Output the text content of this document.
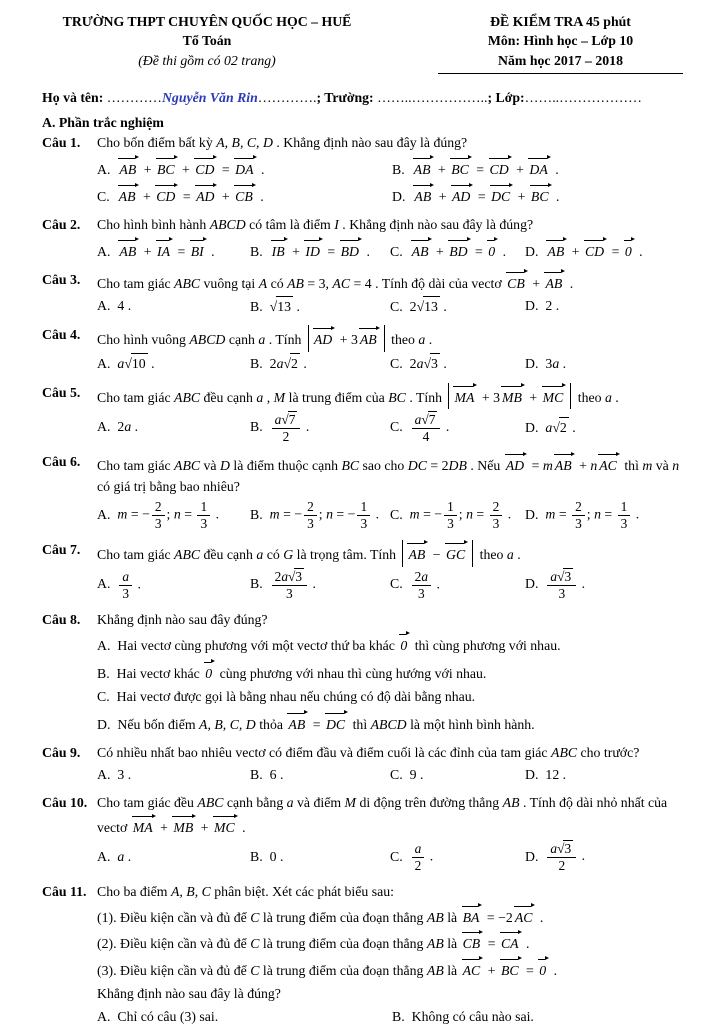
TRƯỜNG THPT CHUYÊN QUỐC HỌC – HUẾ
Tổ Toán
(Đề thi gồm có 02 trang)
ĐỀ KIỂM TRA 45 phút
Môn: Hình học – Lớp 10
Năm học 2017 – 2018
Họ và tên: …………Nguyễn Văn Rin………….; Trường: ……..……………..; Lớp:……..………………
A. Phần trắc nghiệm
Câu 1.	Cho bốn điểm bất kỳ A, B, C, D . Khẳng định nào sau đây là đúng?
A. AB + BC + CD = DA .	B. AB + BC = CD + DA .
C. AB + CD = AD + CB .	D. AB + AD = DC + BC .
Câu 2.	Cho hình bình hành ABCD có tâm là điểm I . Khẳng định nào sau đây là đúng?
A. AB + IA = BI .	B. IB + ID = BD .	C. AB + BD = 0 .	D. AB + CD = 0 .
Câu 3.	Cho tam giác ABC vuông tại A có AB = 3, AC = 4 . Tính độ dài của vectơ CB + AB .
A. 4 .	B. √13 .	C. 2√13 .	D. 2 .
Câu 4.	Cho hình vuông ABCD cạnh a . Tính AD + 3 AB theo a .
A. a√10 .	B. 2a√2 .	C. 2a√3 .	D. 3a .
Câu 5.	Cho tam giác ABC đều cạnh a , M là trung điểm của BC . Tính MA + 3 MB + MC theo a .
A. 2a .	B. $\frac{a√7}{2}$ .	C. $\frac{a√7}{4}$ .	D. a√2 .
Câu 6.	Cho tam giác ABC và D là điểm thuộc cạnh BC sao cho DC = 2DB . Nếu AD = m AB + n AC thì m và n có giá trị bằng bao nhiêu?
A. m = − $\frac{2}{3}$ ; $n = \frac{1}{3}$ .	B. m = − $\frac{2}{3}$ ; n = − $\frac{1}{3}$ . C. m = − $\frac{1}{3}$ ; $n = \frac{2}{3}$ . D. $m = \frac{2}{3}$ ; $n = \frac{1}{3}$ .
Câu 7.	Cho tam giác ABC đều cạnh a có G là trọng tâm. Tính AB − GC theo a .
A. $\frac{a}{3}$ .	B. $\frac{2a√3}{3}$ .	C. $\frac{2a}{3}$ .	D. $\frac{a√3}{3}$ .
Câu 8.	Khẳng định nào sau đây đúng?
A. Hai vectơ cùng phương với một vectơ thứ ba khác 0 thì cùng phương với nhau.
B. Hai vectơ khác 0 cùng phương với nhau thì cùng hướng với nhau.
C. Hai vectơ được gọi là bằng nhau nếu chúng có độ dài bằng nhau.
D. Nếu bốn điểm A, B, C, D thỏa AB = DC thì ABCD là một hình bình hành.
Câu 9.	Có nhiều nhất bao nhiêu vectơ có điểm đầu và điểm cuối là các đỉnh của tam giác ABC cho trước?
A. 3 .	B. 6 .	C. 9 .	D. 12 .
Câu 10. Cho tam giác đều ABC cạnh bằng a và điểm M di động trên đường thẳng AB . Tính độ dài nhỏ nhất của vectơ MA + MB + MC .
A. a .	B. 0 .	C. $\frac{a}{2}$ .	D. $\frac{a√3}{2}$ .
Câu 11. Cho ba điểm A, B, C phân biệt. Xét các phát biểu sau:
(1). Điều kiện cần và đủ để C là trung điểm của đoạn thẳng AB là BA = −2 AC .
(2). Điều kiện cần và đủ để C là trung điểm của đoạn thẳng AB là CB = CA .
(3). Điều kiện cần và đủ để C là trung điểm của đoạn thẳng AB là AC + BC = 0 .
Khẳng định nào sau đây là đúng?
A. Chỉ có câu (3) sai.	B. Không có câu nào sai.
